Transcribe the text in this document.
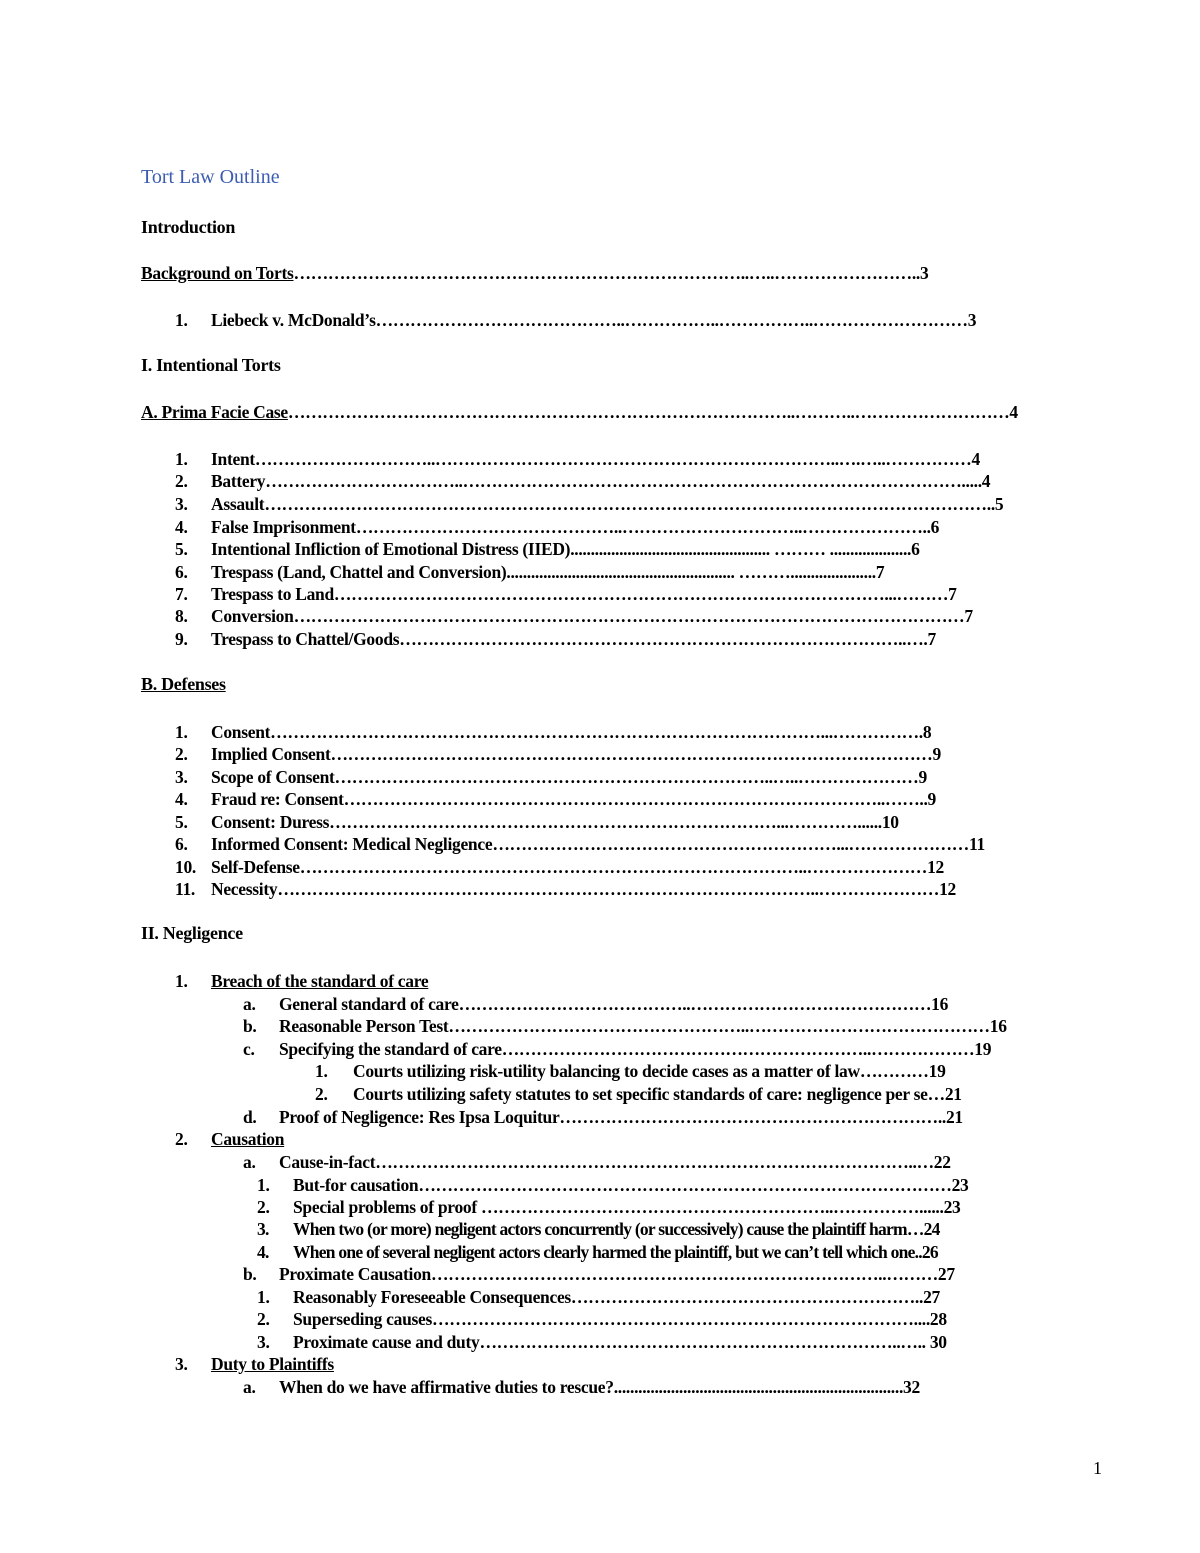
Tort Law Outline
Introduction
Background on Torts……………………………………………………………………..…..……………………..3
1. Liebeck v. McDonald’s……………………………………..……………..……………..………………………3
I. Intentional Torts
A. Prima Facie Case……………………………………………………………………………..………..………………………4
1. Intent…………………………..……………………………………………………………..….…..……………4
2. Battery……………………………..…………………………………………………………………………….....4
3. Assault………………………………………………………………………………………………………………..5
4. False Imprisonment………………………………………..…………………………..…………………..6
5. Intentional Infliction of Emotional Distress (IIED)................................................. ……… ....................6
6. Trespass (Land, Chattel and Conversion)........................................................ ……….....................7
7. Trespass to Land……………………………………………………………………………………...………7
8. Conversion………………………………………………………………………………………………………7
9. Trespass to Chattel/Goods……………………………………………………………………………..….7
B. Defenses
1. Consent……………………………………………………………………………………...…………….8
2. Implied Consent……………………………………………………………………………………………9
3. Scope of Consent…………………………………………………………………..…..…………………9
4. Fraud re: Consent…………………………………………………………………………………..……..9
5. Consent: Duress……………………………………………………………………...…………......10
6. Informed Consent: Medical Negligence……………………………………………………...…………………11
10. Self-Defense……………………………………………………………………………..…………………12
11. Necessity…………………………………………………………………………………..…………………12
II. Negligence
1. Breach of the standard of care
a. General standard of care…………………………………..……………………………………16
b. Reasonable Person Test……………………………………………..……………………………………16
c. Specifying the standard of care………………………………………………………..………………19
1. Courts utilizing risk-utility balancing to decide cases as a matter of law…………19
2. Courts utilizing safety statutes to set specific standards of care: negligence per se…21
d. Proof of Negligence: Res Ipsa Loquitur…………………………………………………………..21
2. Causation
a. Cause-in-fact…………………………………………………………………………………..…22
1. But-for causation…………………………………………………………………………………23
2. Special problems of proof ……………………………………………………..……………......23
3. When two (or more) negligent actors concurrently (or successively) cause the plaintiff harm…24
4. When one of several negligent actors clearly harmed the plaintiff, but we can’t tell which one..26
b. Proximate Causation……………………………………………………………………..………27
1. Reasonably Foreseeable Consequences……………………………………………………..27
2. Superseding causes…………………………………………………………………………....28
3. Proximate cause and duty………………………………………………………………..….. 30
3. Duty to Plaintiffs
a. When do we have affirmative duties to rescue?.......................................................................32
1
